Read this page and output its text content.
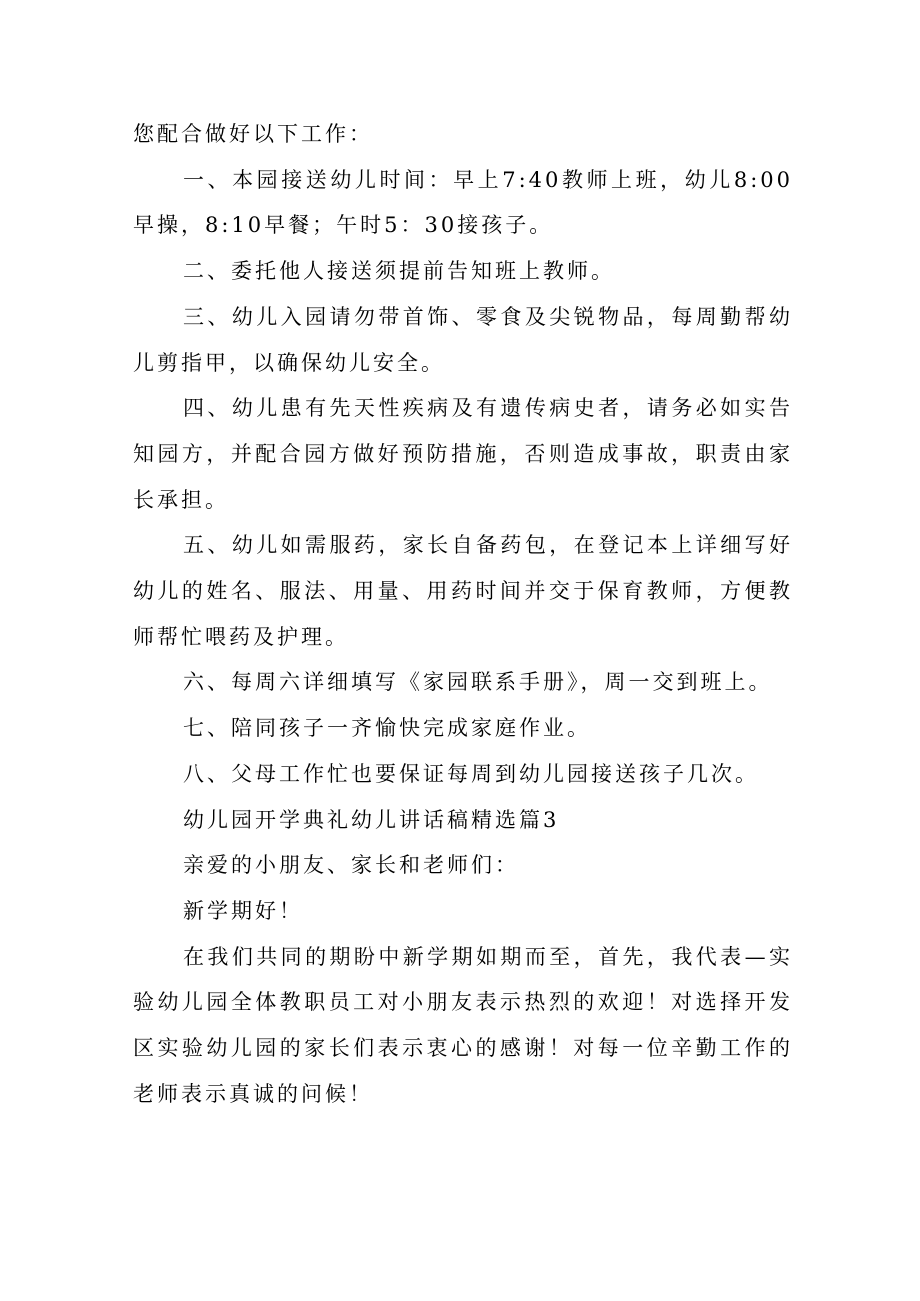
您配合做好以下工作：

一、本园接送幼儿时间：早上7:40教师上班，幼儿8:00早操，8:10早餐；午时5：30接孩子。

二、委托他人接送须提前告知班上教师。

三、幼儿入园请勿带首饰、零食及尖锐物品，每周勤帮幼儿剪指甲，以确保幼儿安全。

四、幼儿患有先天性疾病及有遗传病史者，请务必如实告知园方，并配合园方做好预防措施，否则造成事故，职责由家长承担。

五、幼儿如需服药，家长自备药包，在登记本上详细写好幼儿的姓名、服法、用量、用药时间并交于保育教师，方便教师帮忙喂药及护理。

六、每周六详细填写《家园联系手册》，周一交到班上。

七、陪同孩子一齐愉快完成家庭作业。

八、父母工作忙也要保证每周到幼儿园接送孩子几次。

幼儿园开学典礼幼儿讲话稿精选篇3

亲爱的小朋友、家长和老师们：

新学期好！

在我们共同的期盼中新学期如期而至，首先，我代表—实验幼儿园全体教职员工对小朋友表示热烈的欢迎！对选择开发区实验幼儿园的家长们表示衷心的感谢！对每一位辛勤工作的老师表示真诚的问候！
